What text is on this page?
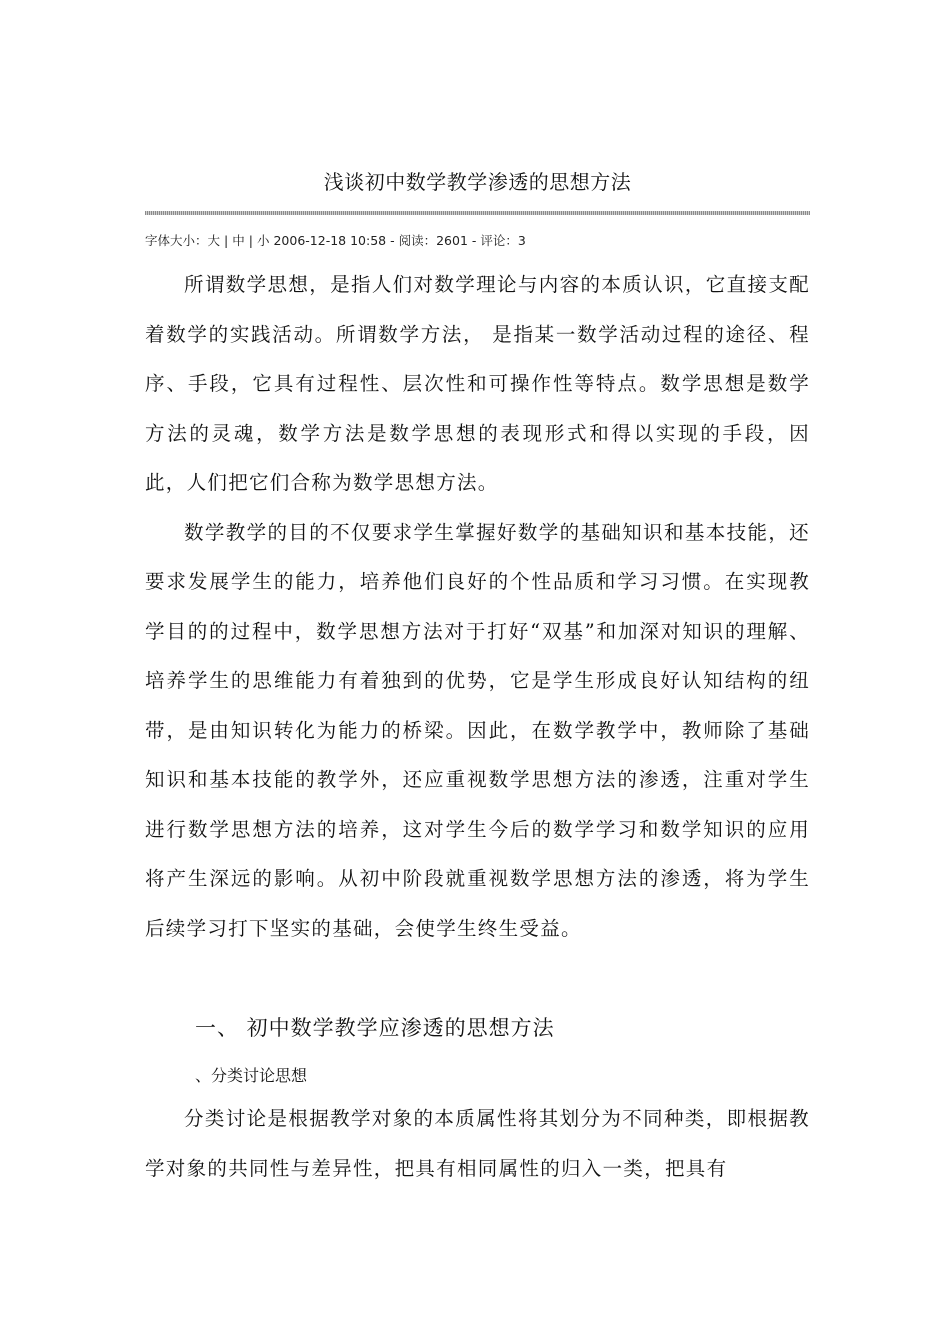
浅谈初中数学教学渗透的思想方法
字体大小：大 | 中 | 小 2006-12-18 10:58 - 阅读：2601 - 评论：3

所谓数学思想，是指人们对数学理论与内容的本质认识，它直接支配着数学的实践活动。所谓数学方法， 是指某一数学活动过程的途径、程序、手段，它具有过程性、层次性和可操作性等特点。数学思想是数学方法的灵魂，数学方法是数学思想的表现形式和得以实现的手段，因此，人们把它们合称为数学思想方法。

数学教学的目的不仅要求学生掌握好数学的基础知识和基本技能，还要求发展学生的能力，培养他们良好的个性品质和学习习惯。在实现教学目的的过程中，数学思想方法对于打好“双基”和加深对知识的理解、培养学生的思维能力有着独到的优势，它是学生形成良好认知结构的纽带，是由知识转化为能力的桥梁。因此，在数学教学中，教师除了基础知识和基本技能的教学外，还应重视数学思想方法的渗透，注重对学生进行数学思想方法的培养，这对学生今后的数学学习和数学知识的应用将产生深远的影响。从初中阶段就重视数学思想方法的渗透，将为学生后续学习打下坚实的基础，会使学生终生受益。

一、 初中数学教学应渗透的思想方法
、分类讨论思想

分类讨论是根据教学对象的本质属性将其划分为不同种类，即根据教学对象的共同性与差异性，把具有相同属性的归入一类，把具有
